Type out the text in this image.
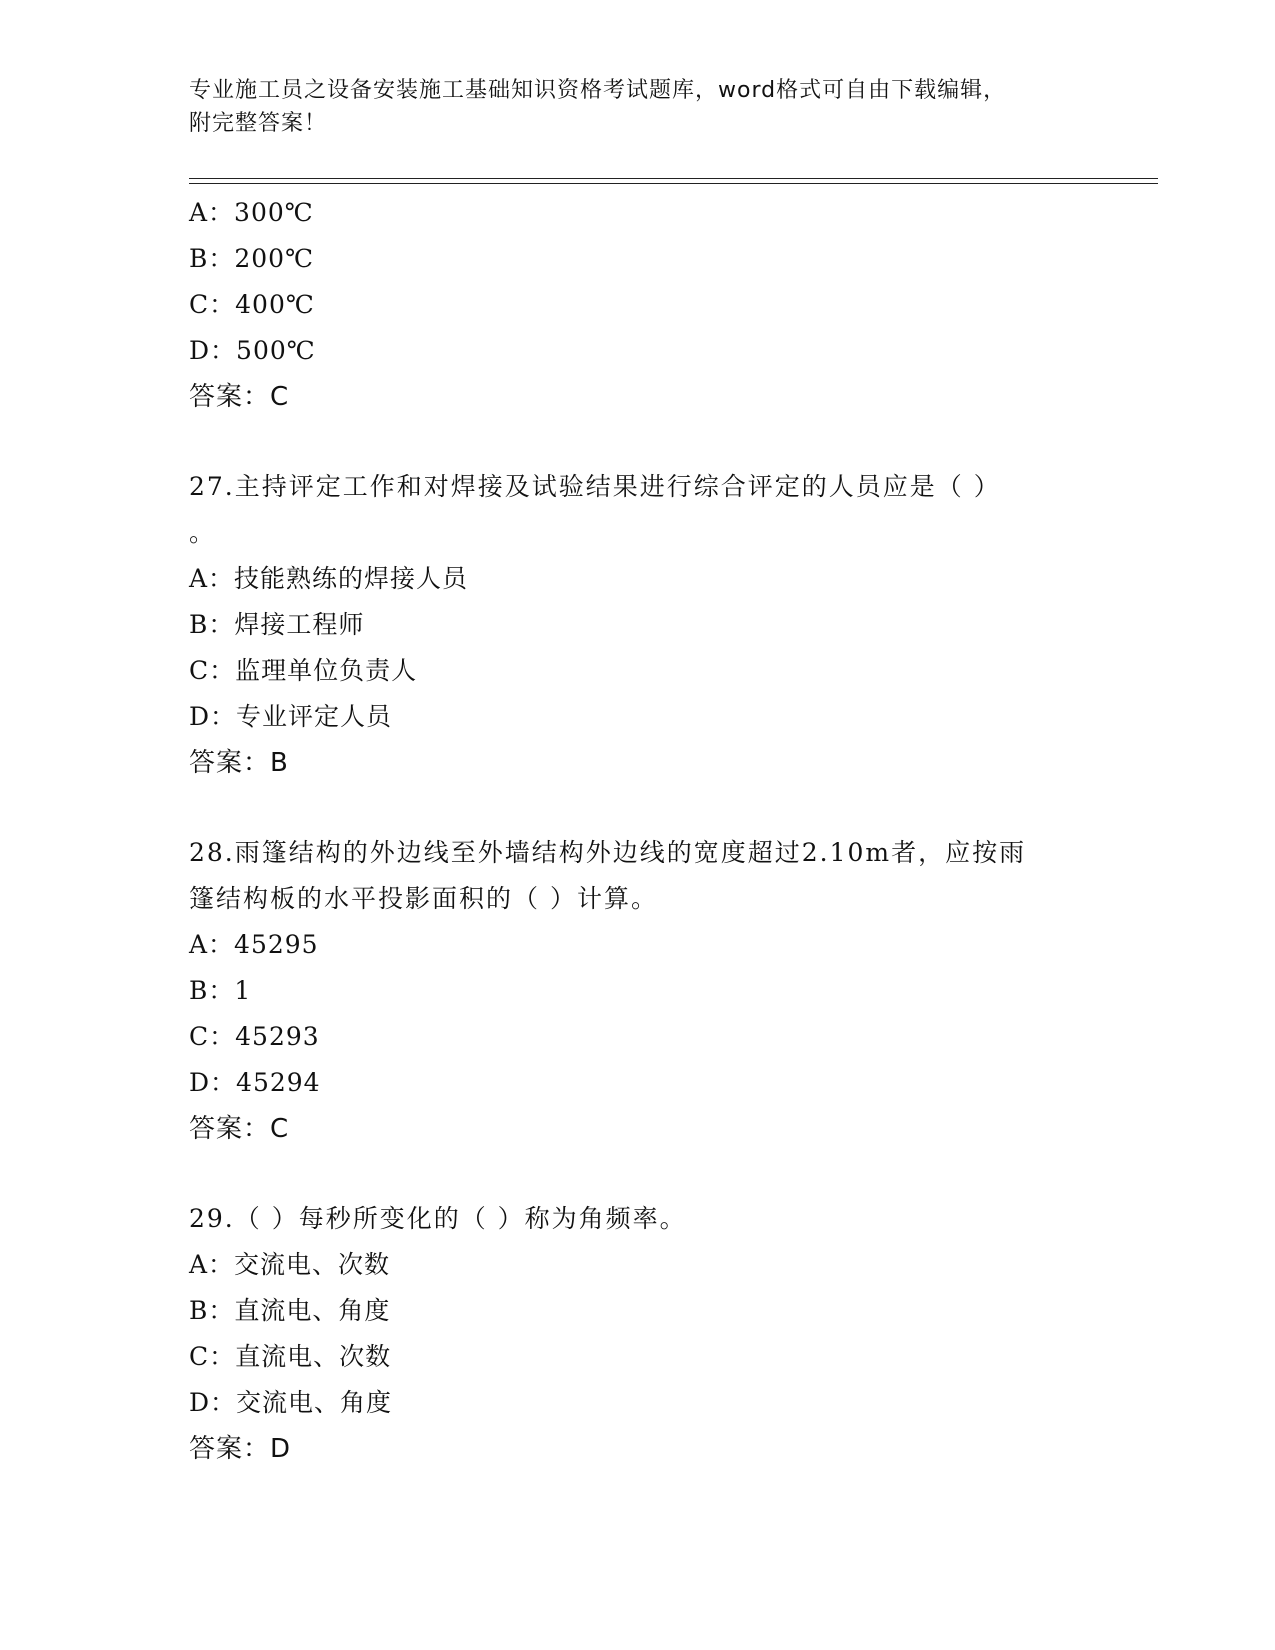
专业施工员之设备安装施工基础知识资格考试题库，word格式可自由下载编辑，
附完整答案！
A：300℃
B：200℃
C：400℃
D：500℃
答案：C
27.主持评定工作和对焊接及试验结果进行综合评定的人员应是（ ）
。
A：技能熟练的焊接人员
B：焊接工程师
C：监理单位负责人
D：专业评定人员
答案：B
28.雨篷结构的外边线至外墙结构外边线的宽度超过2.10m者，应按雨
篷结构板的水平投影面积的（ ）计算。
A：45295
B：1
C：45293
D：45294
答案：C
29.（ ）每秒所变化的（ ）称为角频率。
A：交流电、次数
B：直流电、角度
C：直流电、次数
D：交流电、角度
答案：D
